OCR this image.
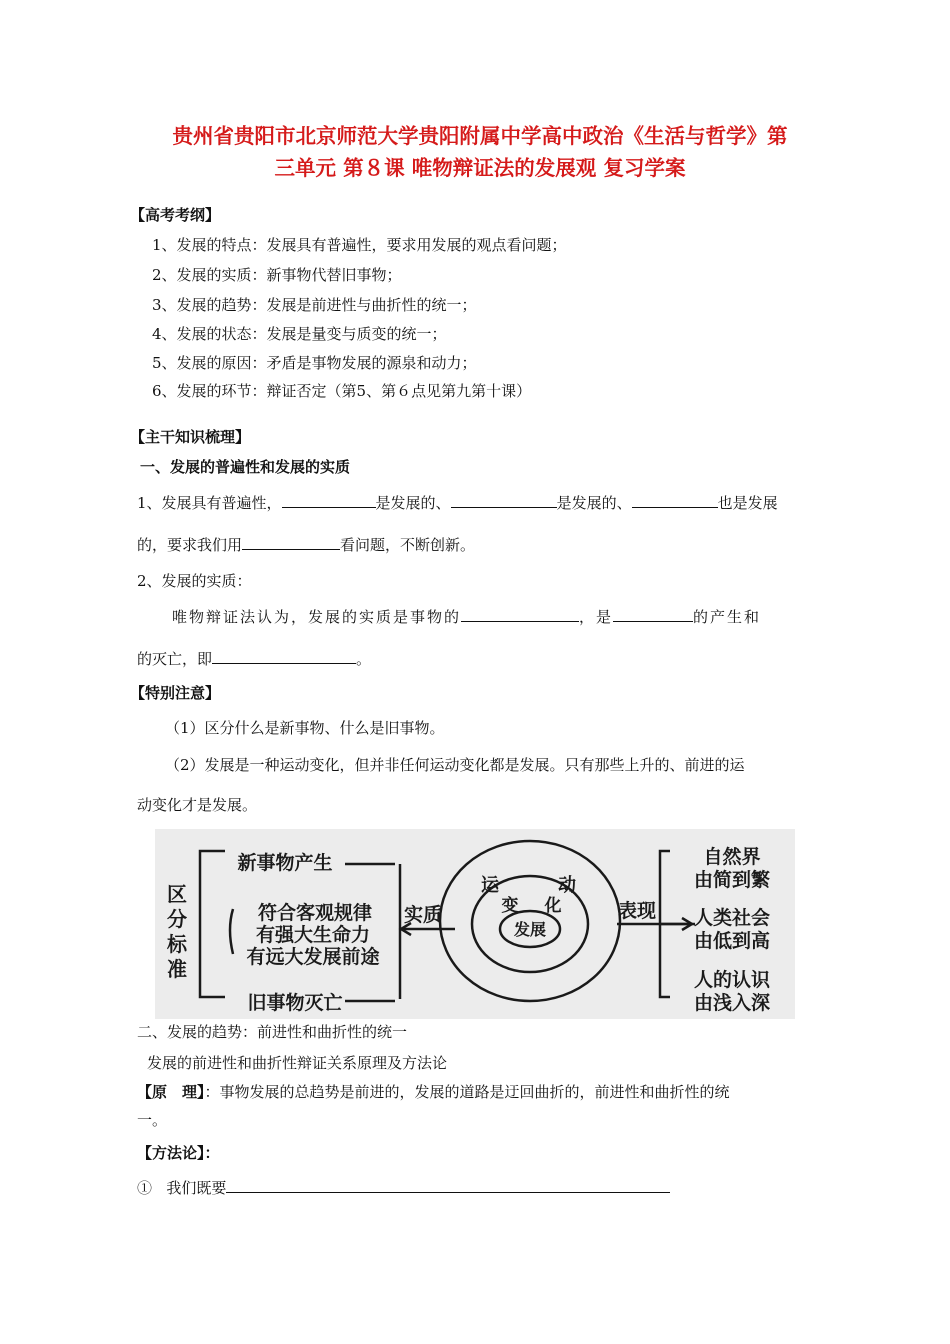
贵州省贵阳市北京师范大学贵阳附属中学高中政治《生活与哲学》第
三单元 第８课 唯物辩证法的发展观 复习学案
【高考考纲】
1、发展的特点：发展具有普遍性，要求用发展的观点看问题；
2、发展的实质：新事物代替旧事物；
3、发展的趋势：发展是前进性与曲折性的统一；
4、发展的状态：发展是量变与质变的统一；
5、发展的原因：矛盾是事物发展的源泉和动力；
6、发展的环节：辩证否定（第5、第６点见第九第十课）
【主干知识梳理】
一、发展的普遍性和发展的实质
1、发展具有普遍性，	是发展的、	是发展的、	也是发展
的，要求我们用	看问题，不断创新。
2、发展的实质：
唯物辩证法认为，发展的实质是事物的	，是	的产生和
的灭亡，即	。
【特别注意】
（1）区分什么是新事物、什么是旧事物。
（2）发展是一种运动变化，但并非任何运动变化都是发展。只有那些上升的、前进的运
动变化才是发展。
区
分
标
准
新事物产生
符合客观规律
有强大生命力
有远大发展前途
旧事物灭亡
实质
运	动
变 化
发展
表现
自然界
由简到繁
人类社会
由低到高
人的认识
由浅入深
二、发展的趋势：前进性和曲折性的统一
发展的前进性和曲折性辩证关系原理及方法论
【原　理】：事物发展的总趋势是前进的，发展的道路是迂回曲折的，前进性和曲折性的统
一。
【方法论】：
① 我们既要
